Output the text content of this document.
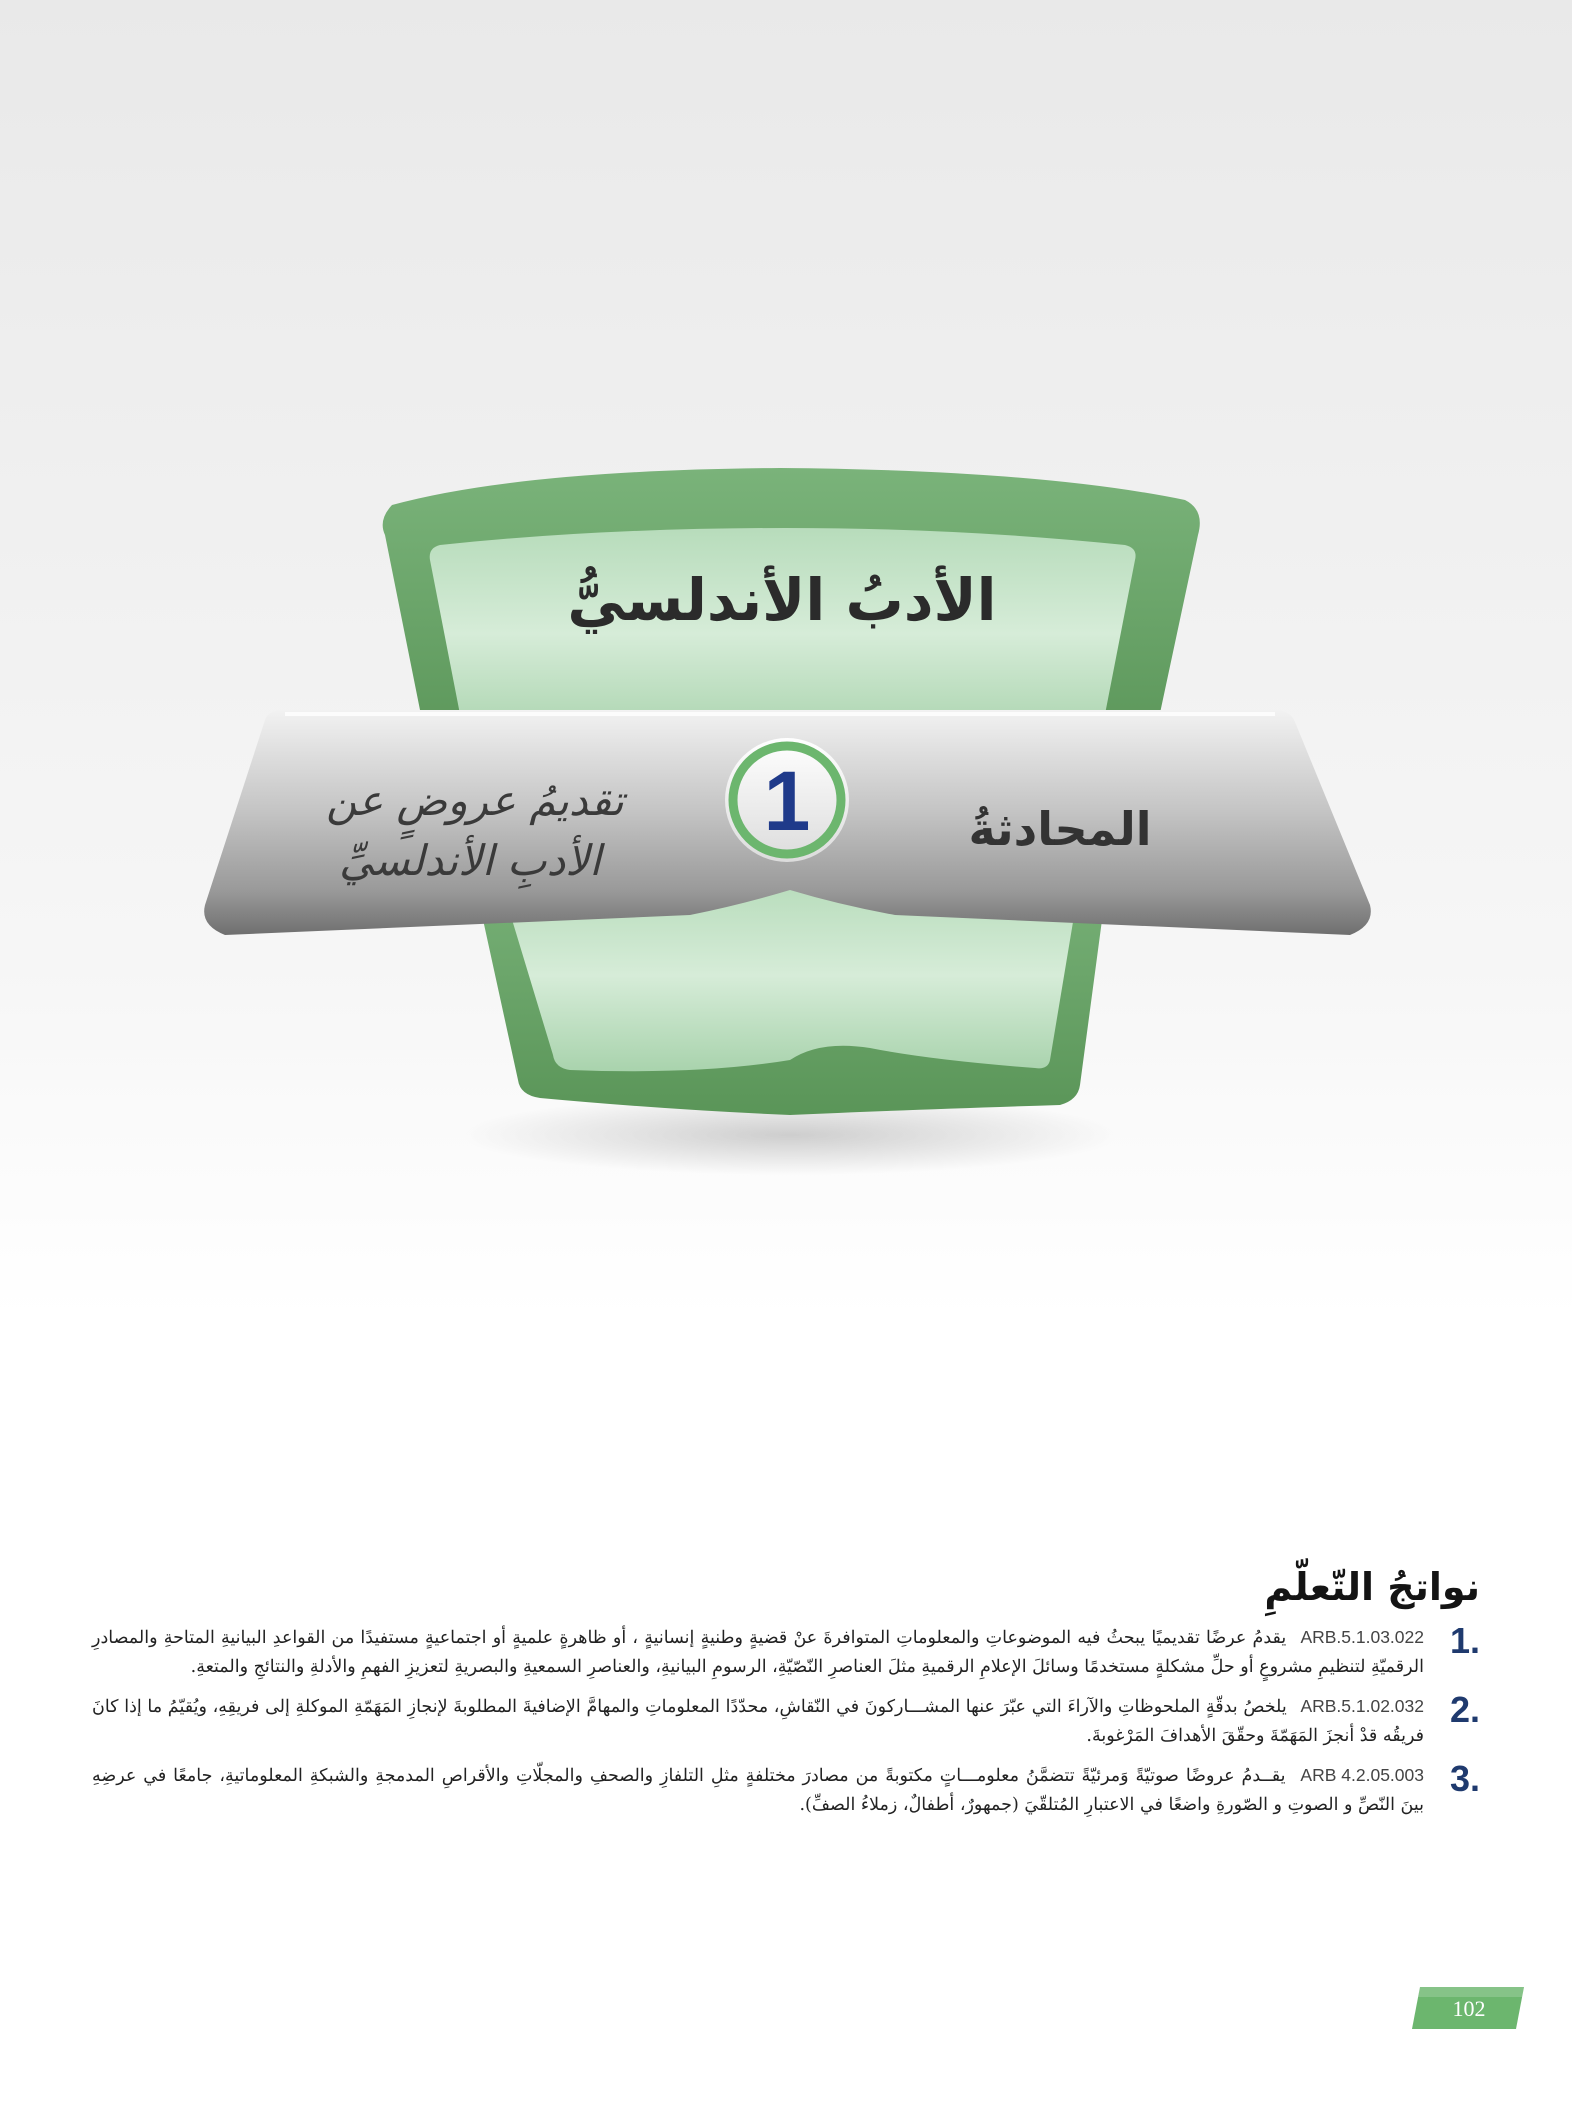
الأدبُ الأندلسيُّ
1	المحادثةُ
تقديمُ عروضٍ عن
الأدبِ الأندلسيِّ
نواتجُ التّعلّمِ
.1
ARB.5.1.03.022 يقدمُ عرضًا تقديميًا يبحثُ فيه الموضوعاتِ والمعلوماتِ المتوافرةَ عنْ قضيةٍ وطنيةٍ إنسانيةٍ ، أو ظاهرةٍ علميةٍ أو اجتماعيةٍ مستفيدًا من القواعدِ البيانيةِ المتاحةِ والمصادرِ الرقميّةِ لتنظيمِ مشروعٍ أو حلِّ مشكلةٍ مستخدمًا وسائلَ الإعلامِ الرقميةِ مثلَ العناصرِ النّصّيّةِ، الرسومِ البيانيةِ، والعناصرِ السمعيةِ والبصريةِ لتعزيزِ الفهمِ والأدلةِ والنتائجِ والمتعةِ.
.2
ARB.5.1.02.032 يلخصُ بدقّةٍ الملحوظاتِ والآراءَ التي عبّرَ عنها المشـــاركونَ في النّقاشِ، محدّدًا المعلوماتِ والمهامَّ الإضافيةَ المطلوبةَ لإنجازِ المَهَمّةِ الموكلةِ إلى فريقِهِ، ويُقيّمُ ما إذا كانَ فريقُه قدْ أنجزَ المَهَمّةَ وحقّقَ الأهدافَ المَرْغوبةَ.
.3
ARB 4.2.05.003 يقــدمُ عروضًا صوتيّةً وَمرئيّةً تتضمَّنُ معلومـــاتٍ مكتوبةً من مصادرَ مختلفةٍ مثلِ التلفازِ والصحفِ والمجلّاتِ والأقراصِ المدمجةِ والشبكةِ المعلوماتيةِ، جامعًا في عرضِهِ بينَ النّصِّ و الصوتِ و الصّورةِ واضعًا في الاعتبارِ المُتلقّيَ (جمهورٌ، أطفالٌ، زملاءُ الصفِّ).
102
